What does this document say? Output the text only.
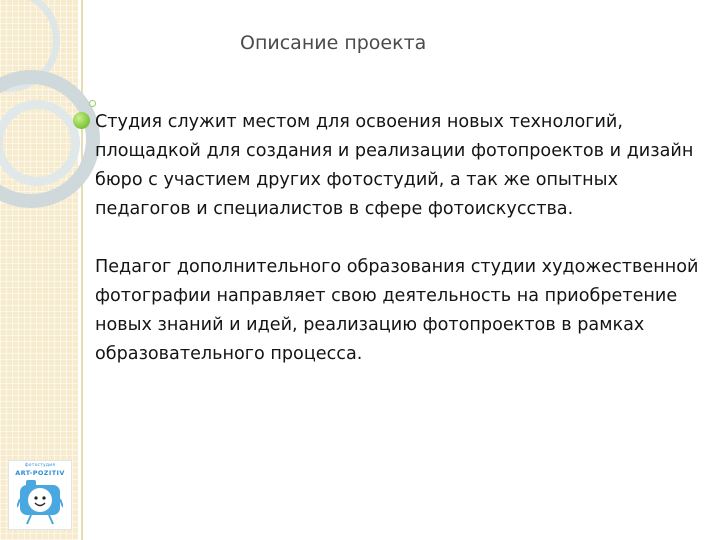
Описание проекта

Студия служит местом для освоения новых технологий, площадкой для создания и реализации фотопроектов и дизайн бюро с участием других фотостудий, а так же опытных педагогов и специалистов в сфере фотоискусства.

Педагог дополнительного образования студии художественной фотографии направляет свою деятельность на приобретение новых знаний и идей, реализацию фотопроектов в рамках образовательного процесса.

фотостудия
ART-POZITIV
